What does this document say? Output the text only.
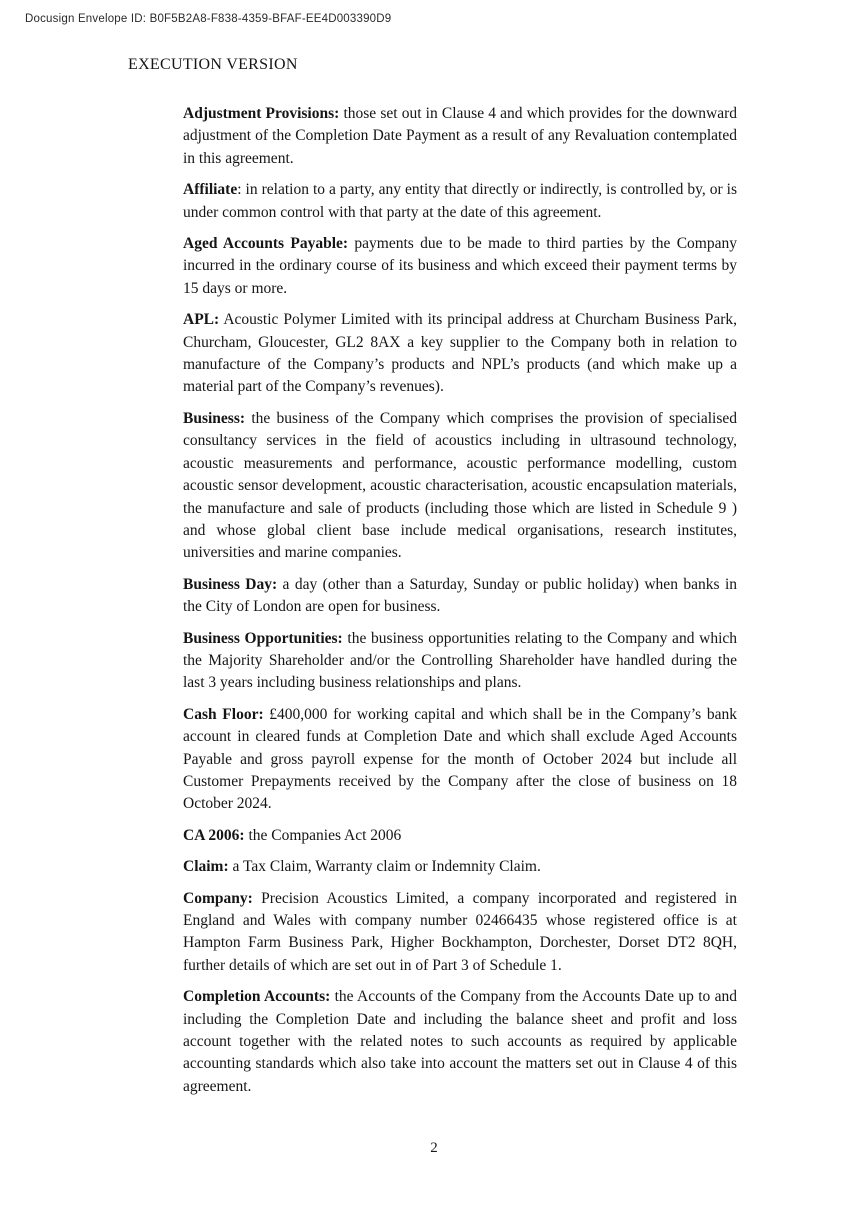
Docusign Envelope ID: B0F5B2A8-F838-4359-BFAF-EE4D003390D9
EXECUTION VERSION

Adjustment Provisions: those set out in Clause 4 and which provides for the downward adjustment of the Completion Date Payment as a result of any Revaluation contemplated in this agreement.

Affiliate: in relation to a party, any entity that directly or indirectly, is controlled by, or is under common control with that party at the date of this agreement.

Aged Accounts Payable: payments due to be made to third parties by the Company incurred in the ordinary course of its business and which exceed their payment terms by 15 days or more.

APL: Acoustic Polymer Limited with its principal address at Churcham Business Park, Churcham, Gloucester, GL2 8AX a key supplier to the Company both in relation to manufacture of the Company’s products and NPL’s products (and which make up a material part of the Company’s revenues).

Business: the business of the Company which comprises the provision of specialised consultancy services in the field of acoustics including in ultrasound technology, acoustic measurements and performance, acoustic performance modelling, custom acoustic sensor development, acoustic characterisation, acoustic encapsulation materials, the manufacture and sale of products (including those which are listed in Schedule 9 ) and whose global client base include medical organisations, research institutes, universities and marine companies.

Business Day: a day (other than a Saturday, Sunday or public holiday) when banks in the City of London are open for business.

Business Opportunities: the business opportunities relating to the Company and which the Majority Shareholder and/or the Controlling Shareholder have handled during the last 3 years including business relationships and plans.

Cash Floor: £400,000 for working capital and which shall be in the Company’s bank account in cleared funds at Completion Date and which shall exclude Aged Accounts Payable and gross payroll expense for the month of October 2024 but include all Customer Prepayments received by the Company after the close of business on 18 October 2024.

CA 2006: the Companies Act 2006

Claim: a Tax Claim, Warranty claim or Indemnity Claim.

Company: Precision Acoustics Limited, a company incorporated and registered in England and Wales with company number 02466435 whose registered office is at Hampton Farm Business Park, Higher Bockhampton, Dorchester, Dorset DT2 8QH, further details of which are set out in of Part 3 of Schedule 1.

Completion Accounts: the Accounts of the Company from the Accounts Date up to and including the Completion Date and including the balance sheet and profit and loss account together with the related notes to such accounts as required by applicable accounting standards which also take into account the matters set out in Clause 4 of this agreement.

2
